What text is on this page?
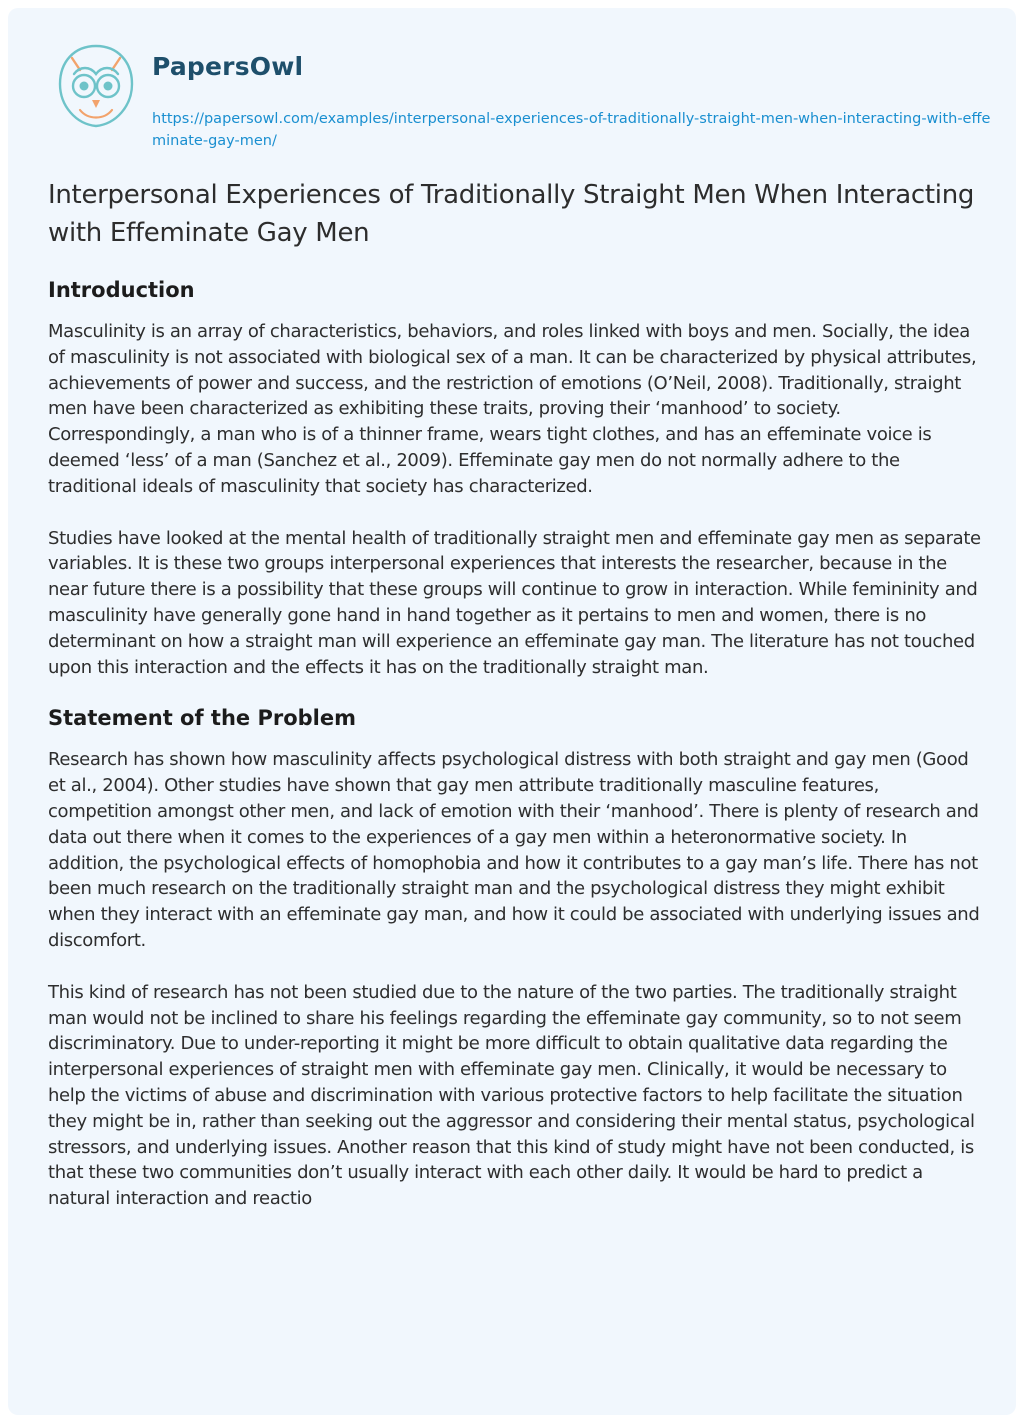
PapersOwl
https://papersowl.com/examples/interpersonal-experiences-of-traditionally-straight-men-when-interacting-with-effeminate-gay-men/
Interpersonal Experiences of Traditionally Straight Men When Interacting with Effeminate Gay Men
Introduction

Masculinity is an array of characteristics, behaviors, and roles linked with boys and men. Socially, the idea of masculinity is not associated with biological sex of a man. It can be characterized by physical attributes, achievements of power and success, and the restriction of emotions (O’Neil, 2008). Traditionally, straight men have been characterized as exhibiting these traits, proving their ‘manhood’ to society. Correspondingly, a man who is of a thinner frame, wears tight clothes, and has an effeminate voice is deemed ‘less’ of a man (Sanchez et al., 2009). Effeminate gay men do not normally adhere to the traditional ideals of masculinity that society has characterized.

Studies have looked at the mental health of traditionally straight men and effeminate gay men as separate variables. It is these two groups interpersonal experiences that interests the researcher, because in the near future there is a possibility that these groups will continue to grow in interaction. While femininity and masculinity have generally gone hand in hand together as it pertains to men and women, there is no determinant on how a straight man will experience an effeminate gay man. The literature has not touched upon this interaction and the effects it has on the traditionally straight man.

Statement of the Problem

Research has shown how masculinity affects psychological distress with both straight and gay men (Good et al., 2004). Other studies have shown that gay men attribute traditionally masculine features, competition amongst other men, and lack of emotion with their ‘manhood’. There is plenty of research and data out there when it comes to the experiences of a gay men within a heteronormative society. In addition, the psychological effects of homophobia and how it contributes to a gay man’s life. There has not been much research on the traditionally straight man and the psychological distress they might exhibit when they interact with an effeminate gay man, and how it could be associated with underlying issues and discomfort.

This kind of research has not been studied due to the nature of the two parties. The traditionally straight man would not be inclined to share his feelings regarding the effeminate gay community, so to not seem discriminatory. Due to under-reporting it might be more difficult to obtain qualitative data regarding the interpersonal experiences of straight men with effeminate gay men. Clinically, it would be necessary to help the victims of abuse and discrimination with various protective factors to help facilitate the situation they might be in, rather than seeking out the aggressor and considering their mental status, psychological stressors, and underlying issues. Another reason that this kind of study might have not been conducted, is that these two communities don’t usually interact with each other daily. It would be hard to predict a natural interaction and reactio
